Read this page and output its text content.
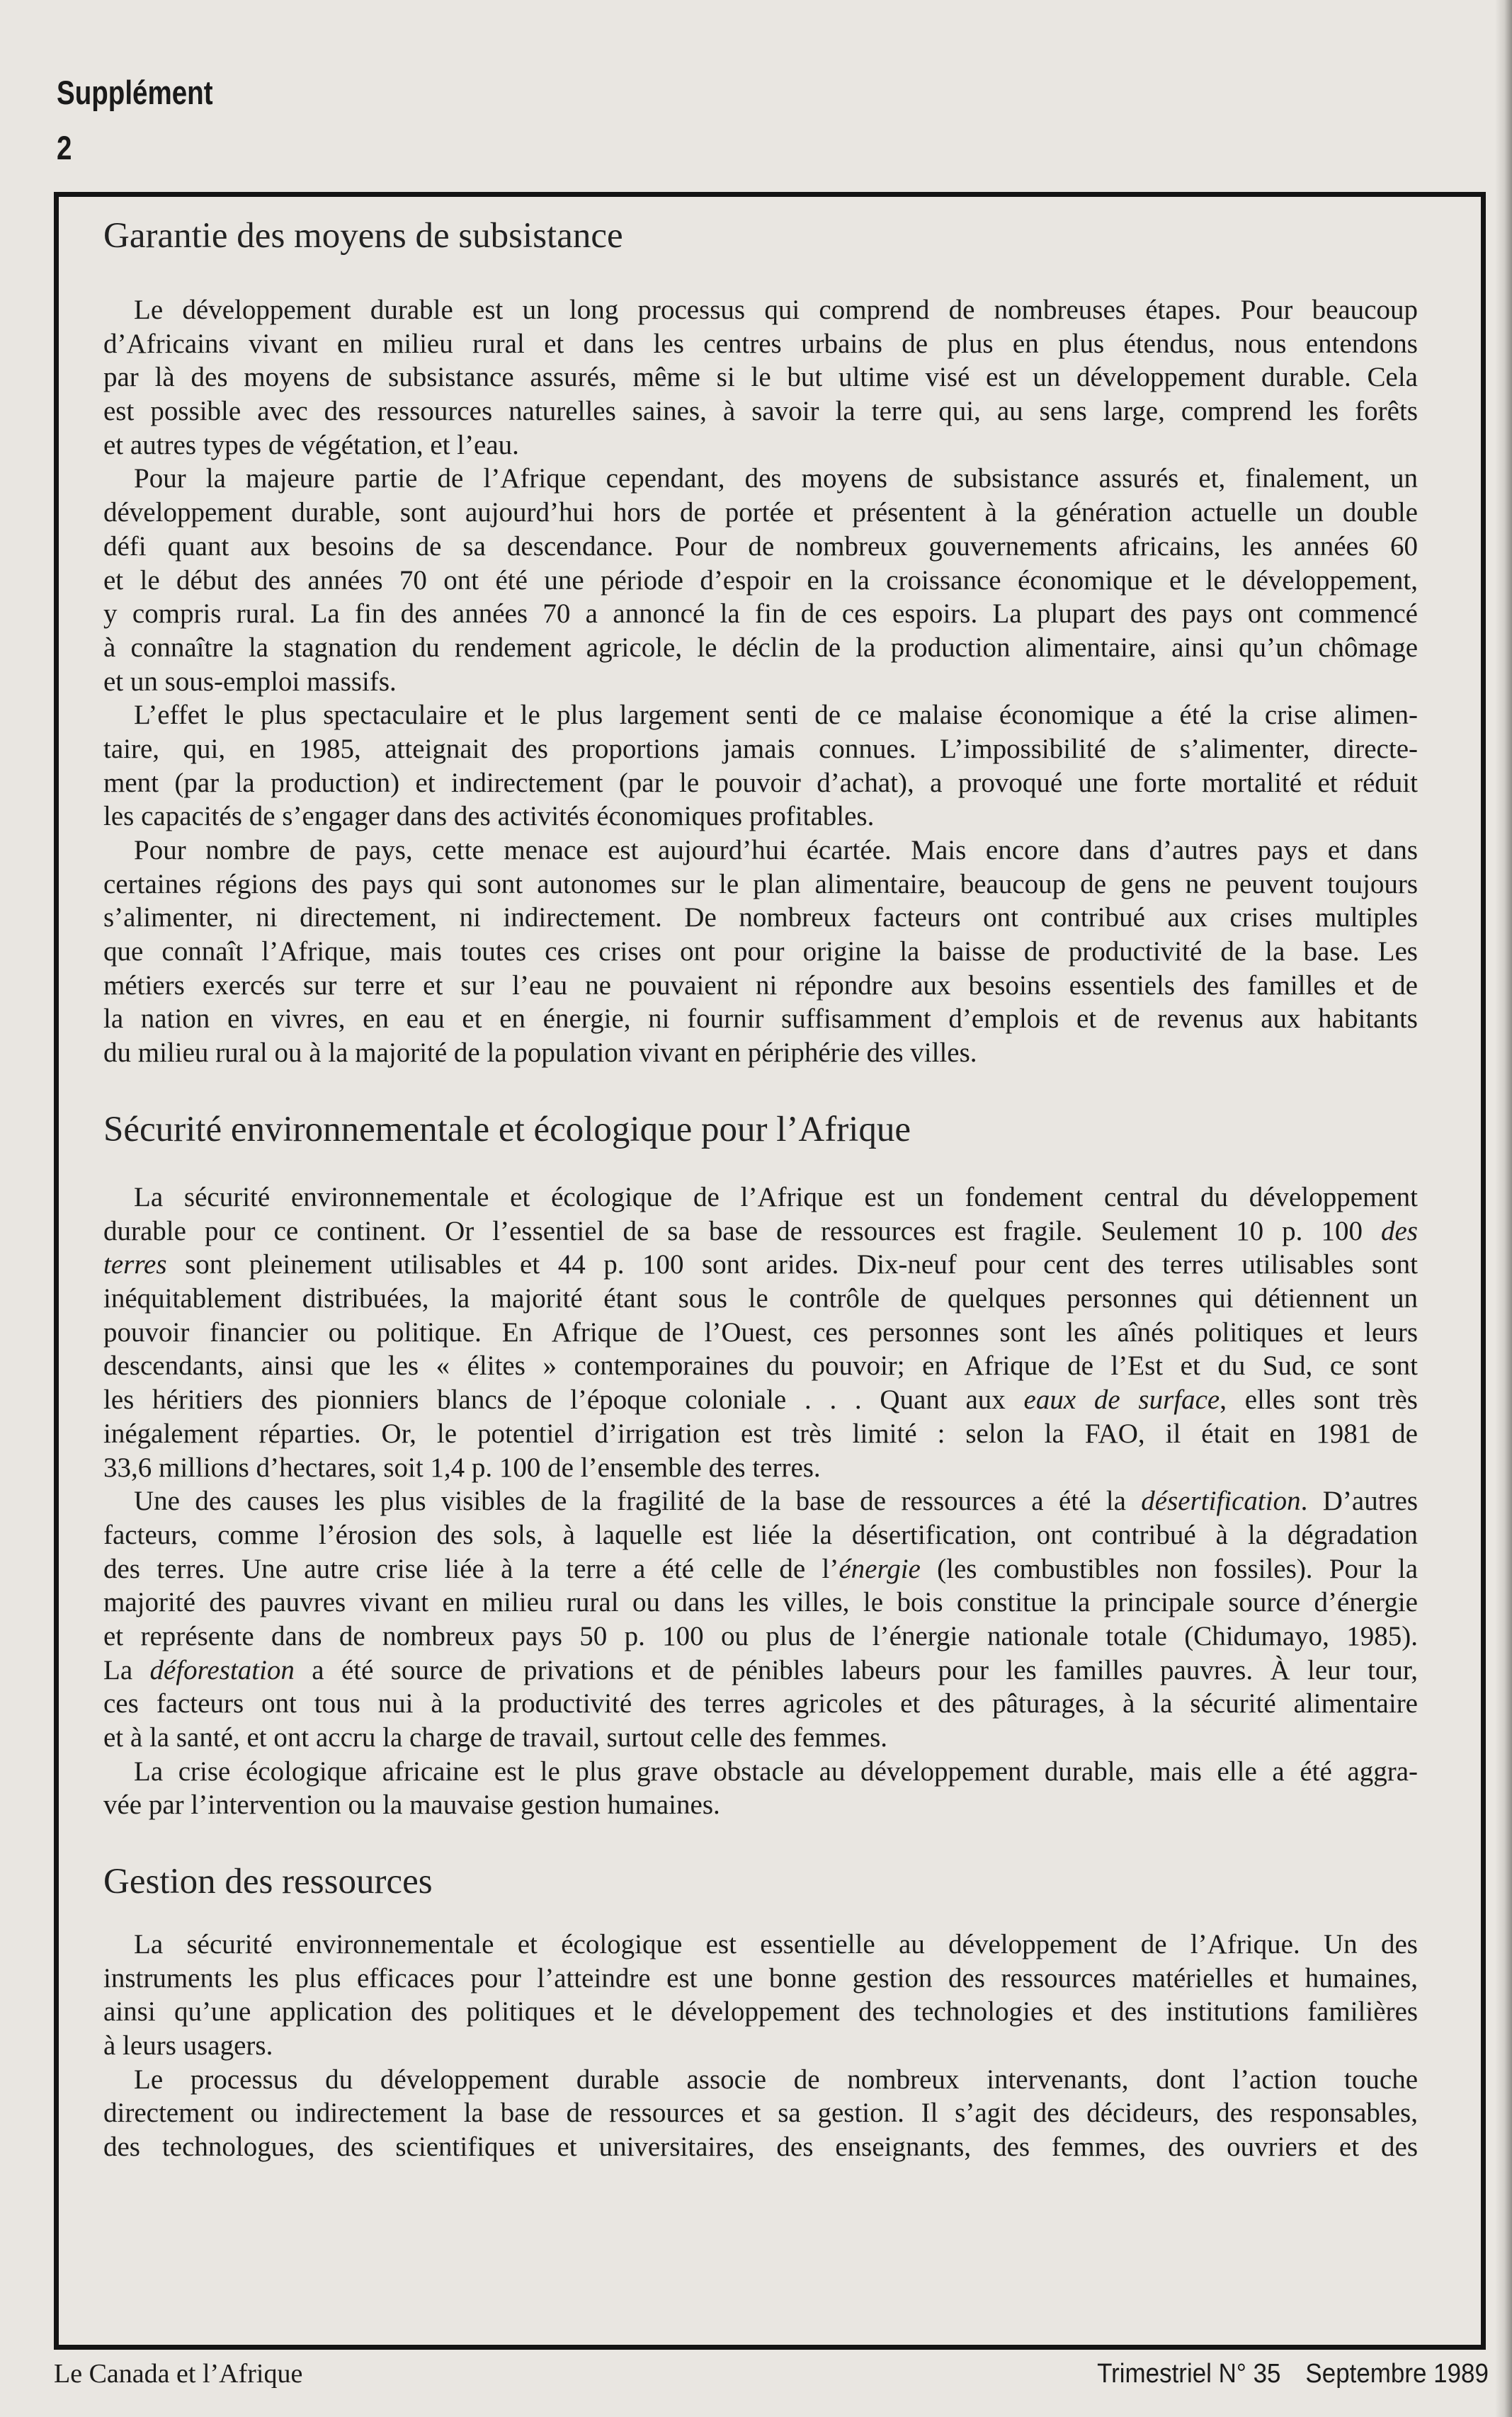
Supplément
2
Garantie des moyens de subsistance
Le développement durable est un long processus qui comprend de nombreuses étapes. Pour beaucoup
d’Africains vivant en milieu rural et dans les centres urbains de plus en plus étendus, nous entendons
par là des moyens de subsistance assurés, même si le but ultime visé est un développement durable. Cela
est possible avec des ressources naturelles saines, à savoir la terre qui, au sens large, comprend les forêts
et autres types de végétation, et l’eau.
Pour la majeure partie de l’Afrique cependant, des moyens de subsistance assurés et, finalement, un
développement durable, sont aujourd’hui hors de portée et présentent à la génération actuelle un double
défi quant aux besoins de sa descendance. Pour de nombreux gouvernements africains, les années 60
et le début des années 70 ont été une période d’espoir en la croissance économique et le développement,
y compris rural. La fin des années 70 a annoncé la fin de ces espoirs. La plupart des pays ont commencé
à connaître la stagnation du rendement agricole, le déclin de la production alimentaire, ainsi qu’un chômage
et un sous-emploi massifs.
L’effet le plus spectaculaire et le plus largement senti de ce malaise économique a été la crise alimen-
taire, qui, en 1985, atteignait des proportions jamais connues. L’impossibilité de s’alimenter, directe-
ment (par la production) et indirectement (par le pouvoir d’achat), a provoqué une forte mortalité et réduit
les capacités de s’engager dans des activités économiques profitables.
Pour nombre de pays, cette menace est aujourd’hui écartée. Mais encore dans d’autres pays et dans
certaines régions des pays qui sont autonomes sur le plan alimentaire, beaucoup de gens ne peuvent toujours
s’alimenter, ni directement, ni indirectement. De nombreux facteurs ont contribué aux crises multiples
que connaît l’Afrique, mais toutes ces crises ont pour origine la baisse de productivité de la base. Les
métiers exercés sur terre et sur l’eau ne pouvaient ni répondre aux besoins essentiels des familles et de
la nation en vivres, en eau et en énergie, ni fournir suffisamment d’emplois et de revenus aux habitants
du milieu rural ou à la majorité de la population vivant en périphérie des villes.
Sécurité environnementale et écologique pour l’Afrique
La sécurité environnementale et écologique de l’Afrique est un fondement central du développement
durable pour ce continent. Or l’essentiel de sa base de ressources est fragile. Seulement 10 p. 100 des
terres sont pleinement utilisables et 44 p. 100 sont arides. Dix-neuf pour cent des terres utilisables sont
inéquitablement distribuées, la majorité étant sous le contrôle de quelques personnes qui détiennent un
pouvoir financier ou politique. En Afrique de l’Ouest, ces personnes sont les aînés politiques et leurs
descendants, ainsi que les « élites » contemporaines du pouvoir; en Afrique de l’Est et du Sud, ce sont
les héritiers des pionniers blancs de l’époque coloniale . . . Quant aux eaux de surface, elles sont très
inégalement réparties. Or, le potentiel d’irrigation est très limité : selon la FAO, il était en 1981 de
33,6 millions d’hectares, soit 1,4 p. 100 de l’ensemble des terres.
Une des causes les plus visibles de la fragilité de la base de ressources a été la désertification. D’autres
facteurs, comme l’érosion des sols, à laquelle est liée la désertification, ont contribué à la dégradation
des terres. Une autre crise liée à la terre a été celle de l’énergie (les combustibles non fossiles). Pour la
majorité des pauvres vivant en milieu rural ou dans les villes, le bois constitue la principale source d’énergie
et représente dans de nombreux pays 50 p. 100 ou plus de l’énergie nationale totale (Chidumayo, 1985).
La déforestation a été source de privations et de pénibles labeurs pour les familles pauvres. À leur tour,
ces facteurs ont tous nui à la productivité des terres agricoles et des pâturages, à la sécurité alimentaire
et à la santé, et ont accru la charge de travail, surtout celle des femmes.
La crise écologique africaine est le plus grave obstacle au développement durable, mais elle a été aggra-
vée par l’intervention ou la mauvaise gestion humaines.
Gestion des ressources
La sécurité environnementale et écologique est essentielle au développement de l’Afrique. Un des
instruments les plus efficaces pour l’atteindre est une bonne gestion des ressources matérielles et humaines,
ainsi qu’une application des politiques et le développement des technologies et des institutions familières
à leurs usagers.
Le processus du développement durable associe de nombreux intervenants, dont l’action touche
directement ou indirectement la base de ressources et sa gestion. Il s’agit des décideurs, des responsables,
des technologues, des scientifiques et universitaires, des enseignants, des femmes, des ouvriers et des
Le Canada et l’Afrique	Trimestriel N° 35 Septembre 1989
